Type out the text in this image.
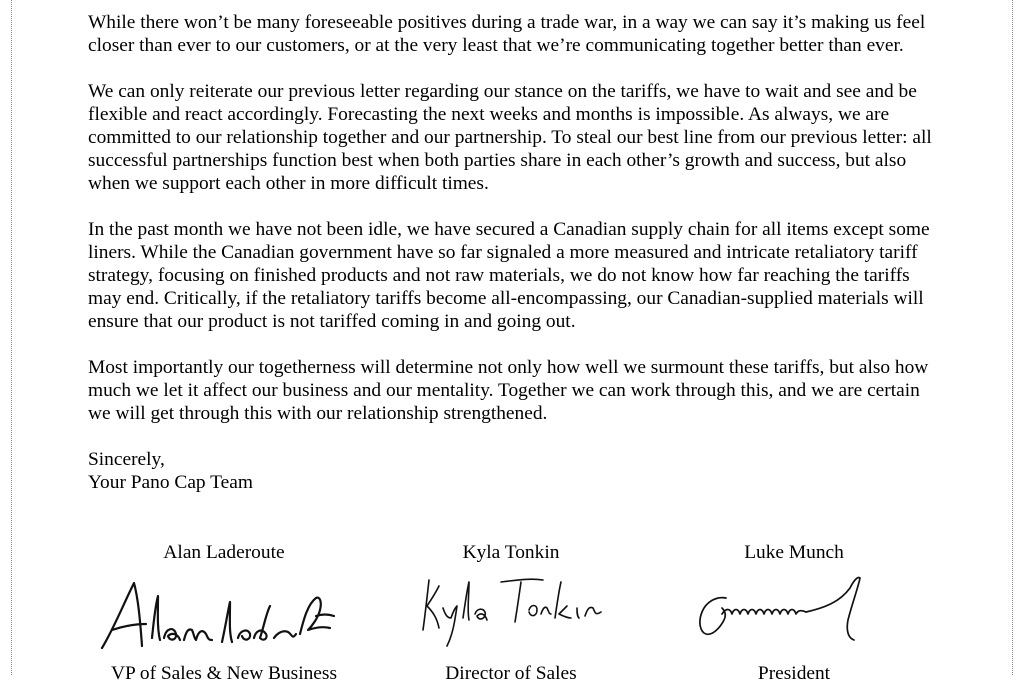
While there won’t be many foreseeable positives during a trade war, in a way we can say it’s making us feel closer than ever to our customers, or at the very least that we’re communicating together better than ever.

We can only reiterate our previous letter regarding our stance on the tariffs, we have to wait and see and be flexible and react accordingly. Forecasting the next weeks and months is impossible. As always, we are committed to our relationship together and our partnership. To steal our best line from our previous letter: all successful partnerships function best when both parties share in each other’s growth and success, but also when we support each other in more difficult times.

In the past month we have not been idle, we have secured a Canadian supply chain for all items except some liners. While the Canadian government have so far signaled a more measured and intricate retaliatory tariff strategy, focusing on finished products and not raw materials, we do not know how far reaching the tariffs may end. Critically, if the retaliatory tariffs become all-encompassing, our Canadian-supplied materials will ensure that our product is not tariffed coming in and going out.

Most importantly our togetherness will determine not only how well we surmount these tariffs, but also how much we let it affect our business and our mentality. Together we can work through this, and we are certain we will get through this with our relationship strengthened.

Sincerely,
Your Pano Cap Team
Alan Laderoute
VP of Sales & New Business
Kyla Tonkin
Director of Sales
Luke Munch
President
